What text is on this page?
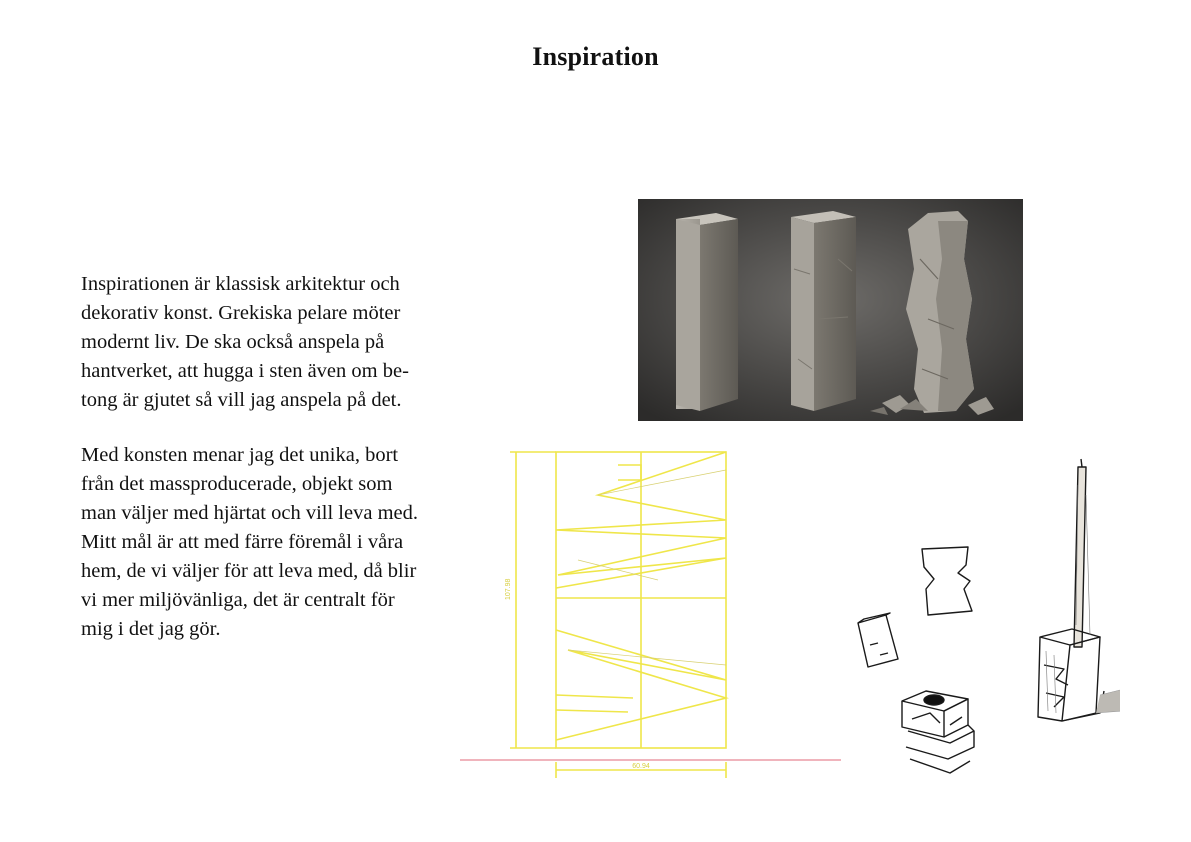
Inspiration

Inspirationen är klassisk arkitektur och
dekorativ konst. Grekiska pelare möter
modernt liv. De ska också anspela på
hantverket, att hugga i sten även om be-
tong är gjutet så vill jag anspela på det.

Med konsten menar jag det unika, bort
från det massproducerade, objekt som
man väljer med hjärtat och vill leva med.
Mitt mål är att med färre föremål i våra
hem, de vi väljer för att leva med, då blir
vi mer miljövänliga, det är centralt för
mig i det jag gör.

107.98
60.94
